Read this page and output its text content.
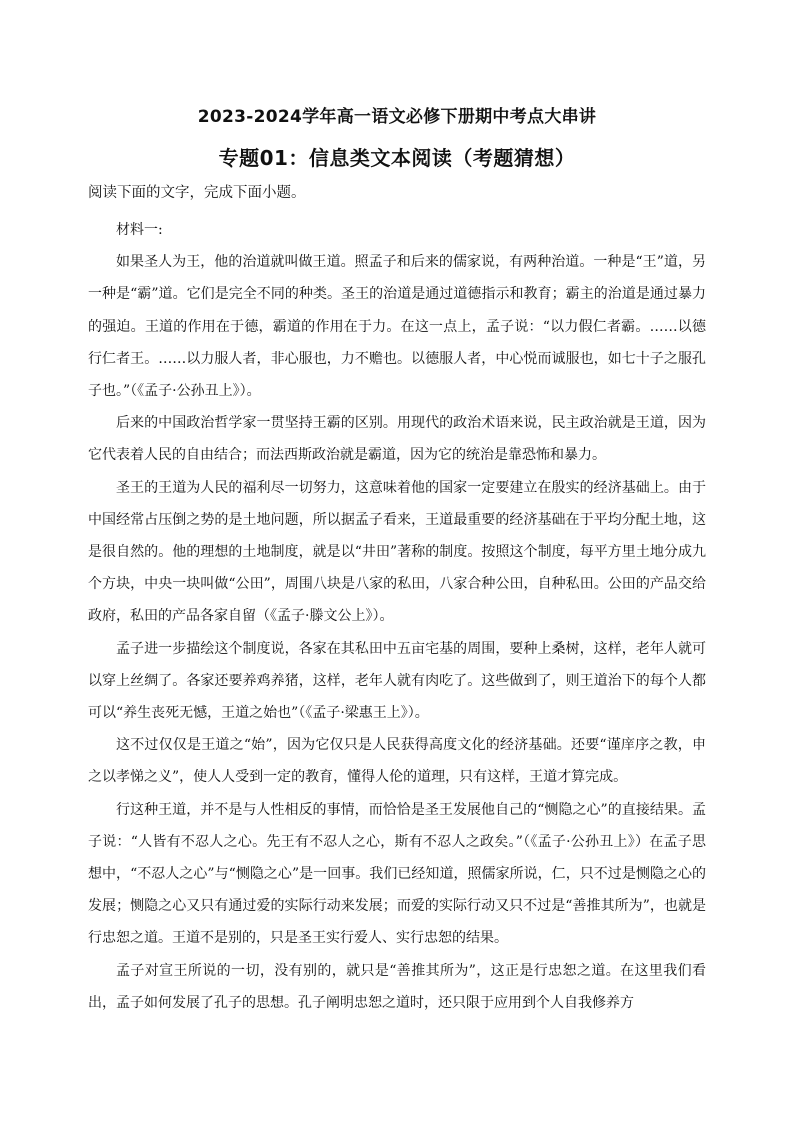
2023-2024学年高一语文必修下册期中考点大串讲
专题01：信息类文本阅读（考题猜想）
阅读下面的文字，完成下面小题。

材料一:

如果圣人为王，他的治道就叫做王道。照孟子和后来的儒家说，有两种治道。一种是“王”道，另一种是“霸”道。它们是完全不同的种类。圣王的治道是通过道德指示和教育；霸主的治道是通过暴力的强迫。王道的作用在于德，霸道的作用在于力。在这一点上，孟子说：“以力假仁者霸。……以德行仁者王。……以力服人者，非心服也，力不赡也。以德服人者，中心悦而诚服也，如七十子之服孔子也。”（《孟子·公孙丑上》）。

后来的中国政治哲学家一贯坚持王霸的区别。用现代的政治术语来说，民主政治就是王道，因为它代表着人民的自由结合；而法西斯政治就是霸道，因为它的统治是靠恐怖和暴力。

圣王的王道为人民的福利尽一切努力，这意味着他的国家一定要建立在殷实的经济基础上。由于中国经常占压倒之势的是土地问题，所以据孟子看来，王道最重要的经济基础在于平均分配土地，这是很自然的。他的理想的土地制度，就是以“井田”著称的制度。按照这个制度，每平方里土地分成九个方块，中央一块叫做“公田”，周围八块是八家的私田，八家合种公田，自种私田。公田的产品交给政府，私田的产品各家自留（《孟子·滕文公上》）。

孟子进一步描绘这个制度说，各家在其私田中五亩宅基的周围，要种上桑树，这样，老年人就可以穿上丝绸了。各家还要养鸡养猪，这样，老年人就有肉吃了。这些做到了，则王道治下的每个人都可以“养生丧死无憾，王道之始也”（《孟子·梁惠王上》）。

这不过仅仅是王道之“始”，因为它仅只是人民获得高度文化的经济基础。还要“谨庠序之教，申之以孝悌之义”，使人人受到一定的教育，懂得人伦的道理，只有这样，王道才算完成。

行这种王道，并不是与人性相反的事情，而恰恰是圣王发展他自己的“恻隐之心”的直接结果。孟子说：“人皆有不忍人之心。先王有不忍人之心，斯有不忍人之政矣。”（《孟子·公孙丑上》）在孟子思想中，“不忍人之心”与“恻隐之心”是一回事。我们已经知道，照儒家所说，仁，只不过是恻隐之心的发展；恻隐之心又只有通过爱的实际行动来发展；而爱的实际行动又只不过是“善推其所为”，也就是行忠恕之道。王道不是别的，只是圣王实行爱人、实行忠恕的结果。

孟子对宣王所说的一切，没有别的，就只是“善推其所为”，这正是行忠恕之道。在这里我们看出，孟子如何发展了孔子的思想。孔子阐明忠恕之道时，还只限于应用到个人自我修养方
